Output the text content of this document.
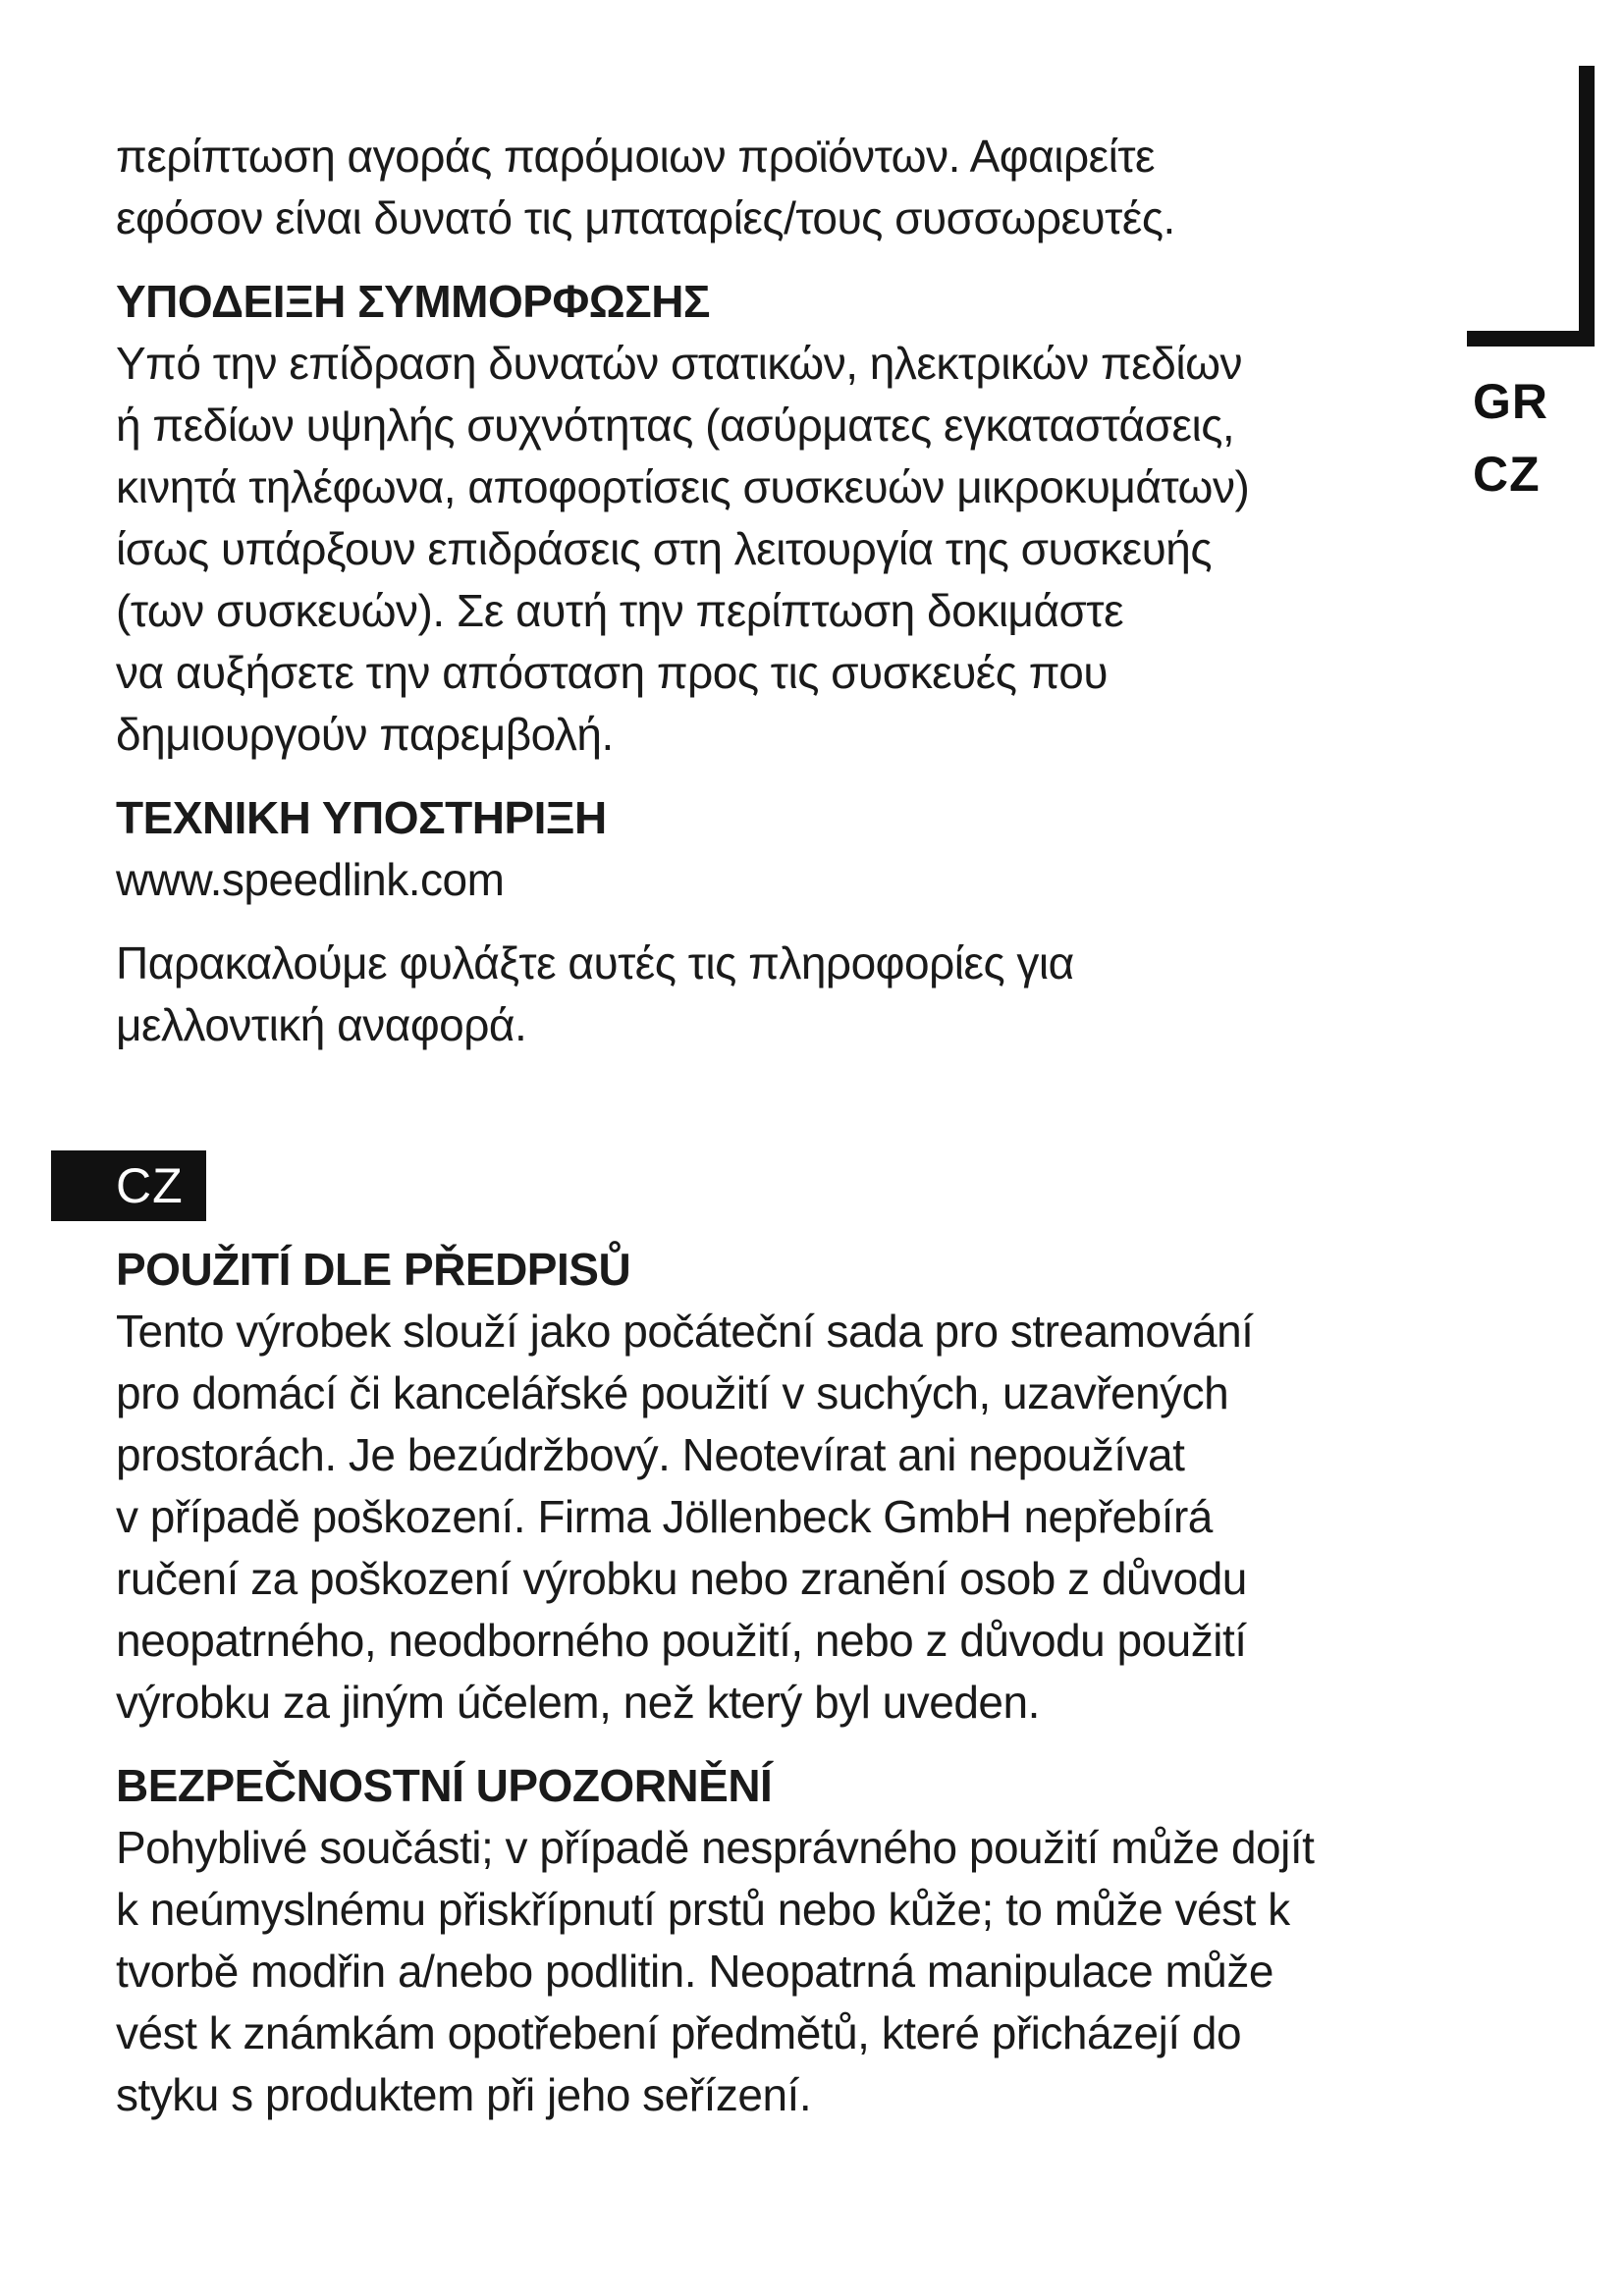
περίπτωση αγοράς παρόμοιων προϊόντων. Αφαιρείτε
εφόσον είναι δυνατό τις μπαταρίες/τους συσσωρευτές.

ΥΠΟΔΕΙΞΗ ΣΥΜΜΟΡΦΩΣΗΣ

Υπό την επίδραση δυνατών στατικών, ηλεκτρικών πεδίων
ή πεδίων υψηλής συχνότητας (ασύρματες εγκαταστάσεις,
κινητά τηλέφωνα, αποφορτίσεις συσκευών μικροκυμάτων)
ίσως υπάρξουν επιδράσεις στη λειτουργία της συσκευής
(των συσκευών). Σε αυτή την περίπτωση δοκιμάστε
να αυξήσετε την απόσταση προς τις συσκευές που
δημιουργούν παρεμβολή.

ΤΕΧΝΙΚΗ ΥΠΟΣΤΗΡΙΞΗ

www.speedlink.com

Παρακαλούμε φυλάξτε αυτές τις πληροφορίες για
μελλοντική αναφορά.

CZ
POUŽITÍ DLE PŘEDPISŮ

Tento výrobek slouží jako počáteční sada pro streamování
pro domácí či kancelářské použití v suchých, uzavřených
prostorách. Je bezúdržbový. Neotevírat ani nepoužívat
v případě poškození. Firma Jöllenbeck GmbH nepřebírá
ručení za poškození výrobku nebo zranění osob z důvodu
neopatrného, neodborného použití, nebo z důvodu použití
výrobku za jiným účelem, než který byl uveden.

BEZPEČNOSTNÍ UPOZORNĚNÍ

Pohyblivé součásti; v případě nesprávného použití může dojít
k neúmyslnému přiskřípnutí prstů nebo kůže; to může vést k
tvorbě modřin a/nebo podlitin. Neopatrná manipulace může
vést k známkám opotřebení předmětů, které přicházejí do
styku s produktem při jeho seřízení.

GR
CZ
